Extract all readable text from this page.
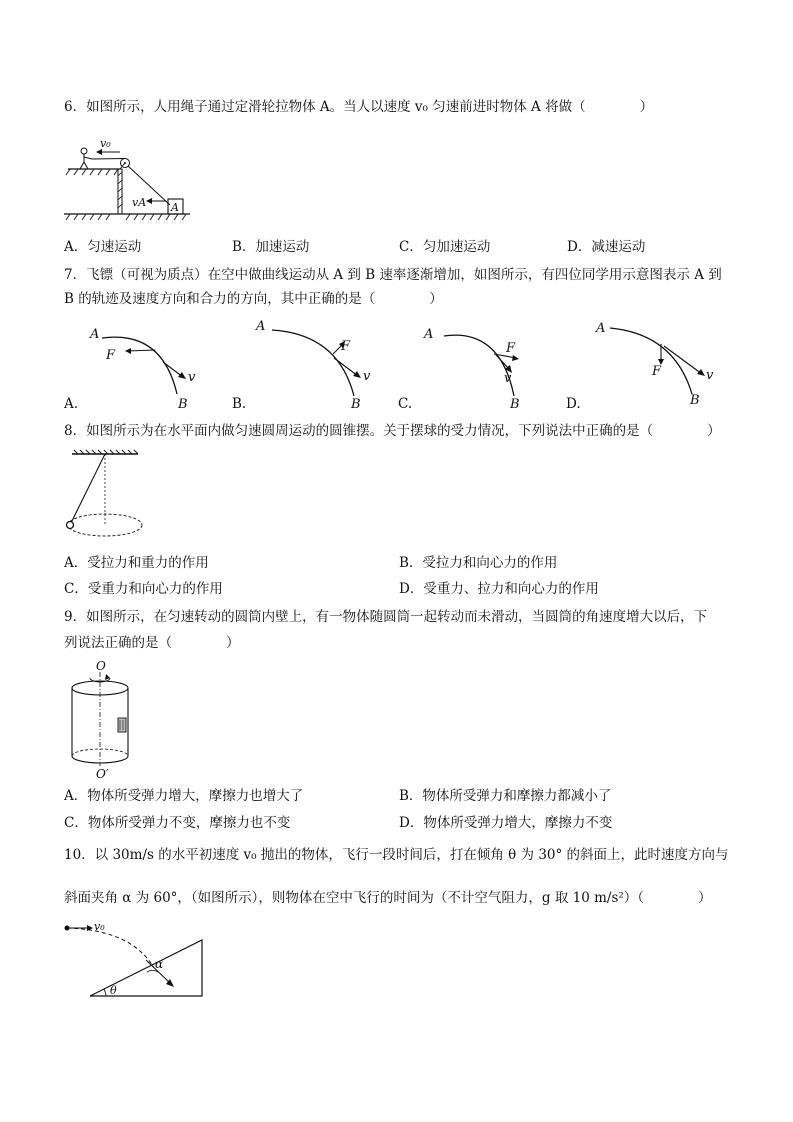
6．如图所示，人用绳子通过定滑轮拉物体 A。当人以速度 v₀ 匀速前进时物体 A 将做（　　　　）
A
v₀
vA
A．匀速运动	B．加速运动	C．匀加速运动	D．减速运动
7．飞镖（可视为质点）在空中做曲线运动从 A 到 B 速率逐渐增加，如图所示，有四位同学用示意图表示 A 到
B 的轨迹及速度方向和合力的方向，其中正确的是（　　　　）
A.
A
F
v
B	B.
A
F
v
B	C.
A
F
v
B	D.
A
F	v
B
8．如图所示为在水平面内做匀速圆周运动的圆锥摆。关于摆球的受力情况，下列说法中正确的是（　　　　）
A．受拉力和重力的作用	B．受拉力和向心力的作用
C．受重力和向心力的作用	D．受重力、拉力和向心力的作用
9．如图所示，在匀速转动的圆筒内壁上，有一物体随圆筒一起转动而未滑动，当圆筒的角速度增大以后，下
列说法正确的是（　　　　）
O
O′
A．物体所受弹力增大，摩擦力也增大了	B．物体所受弹力和摩擦力都减小了
C．物体所受弹力不变，摩擦力也不变	D．物体所受弹力增大，摩擦力不变
10．以 30m/s 的水平初速度 v₀ 抛出的物体，飞行一段时间后，打在倾角 θ 为 30° 的斜面上，此时速度方向与
斜面夹角 α 为 60°，（如图所示），则物体在空中飞行的时间为（不计空气阻力，g 取 10 m/s²）（　　　　）
v₀
α
θ
